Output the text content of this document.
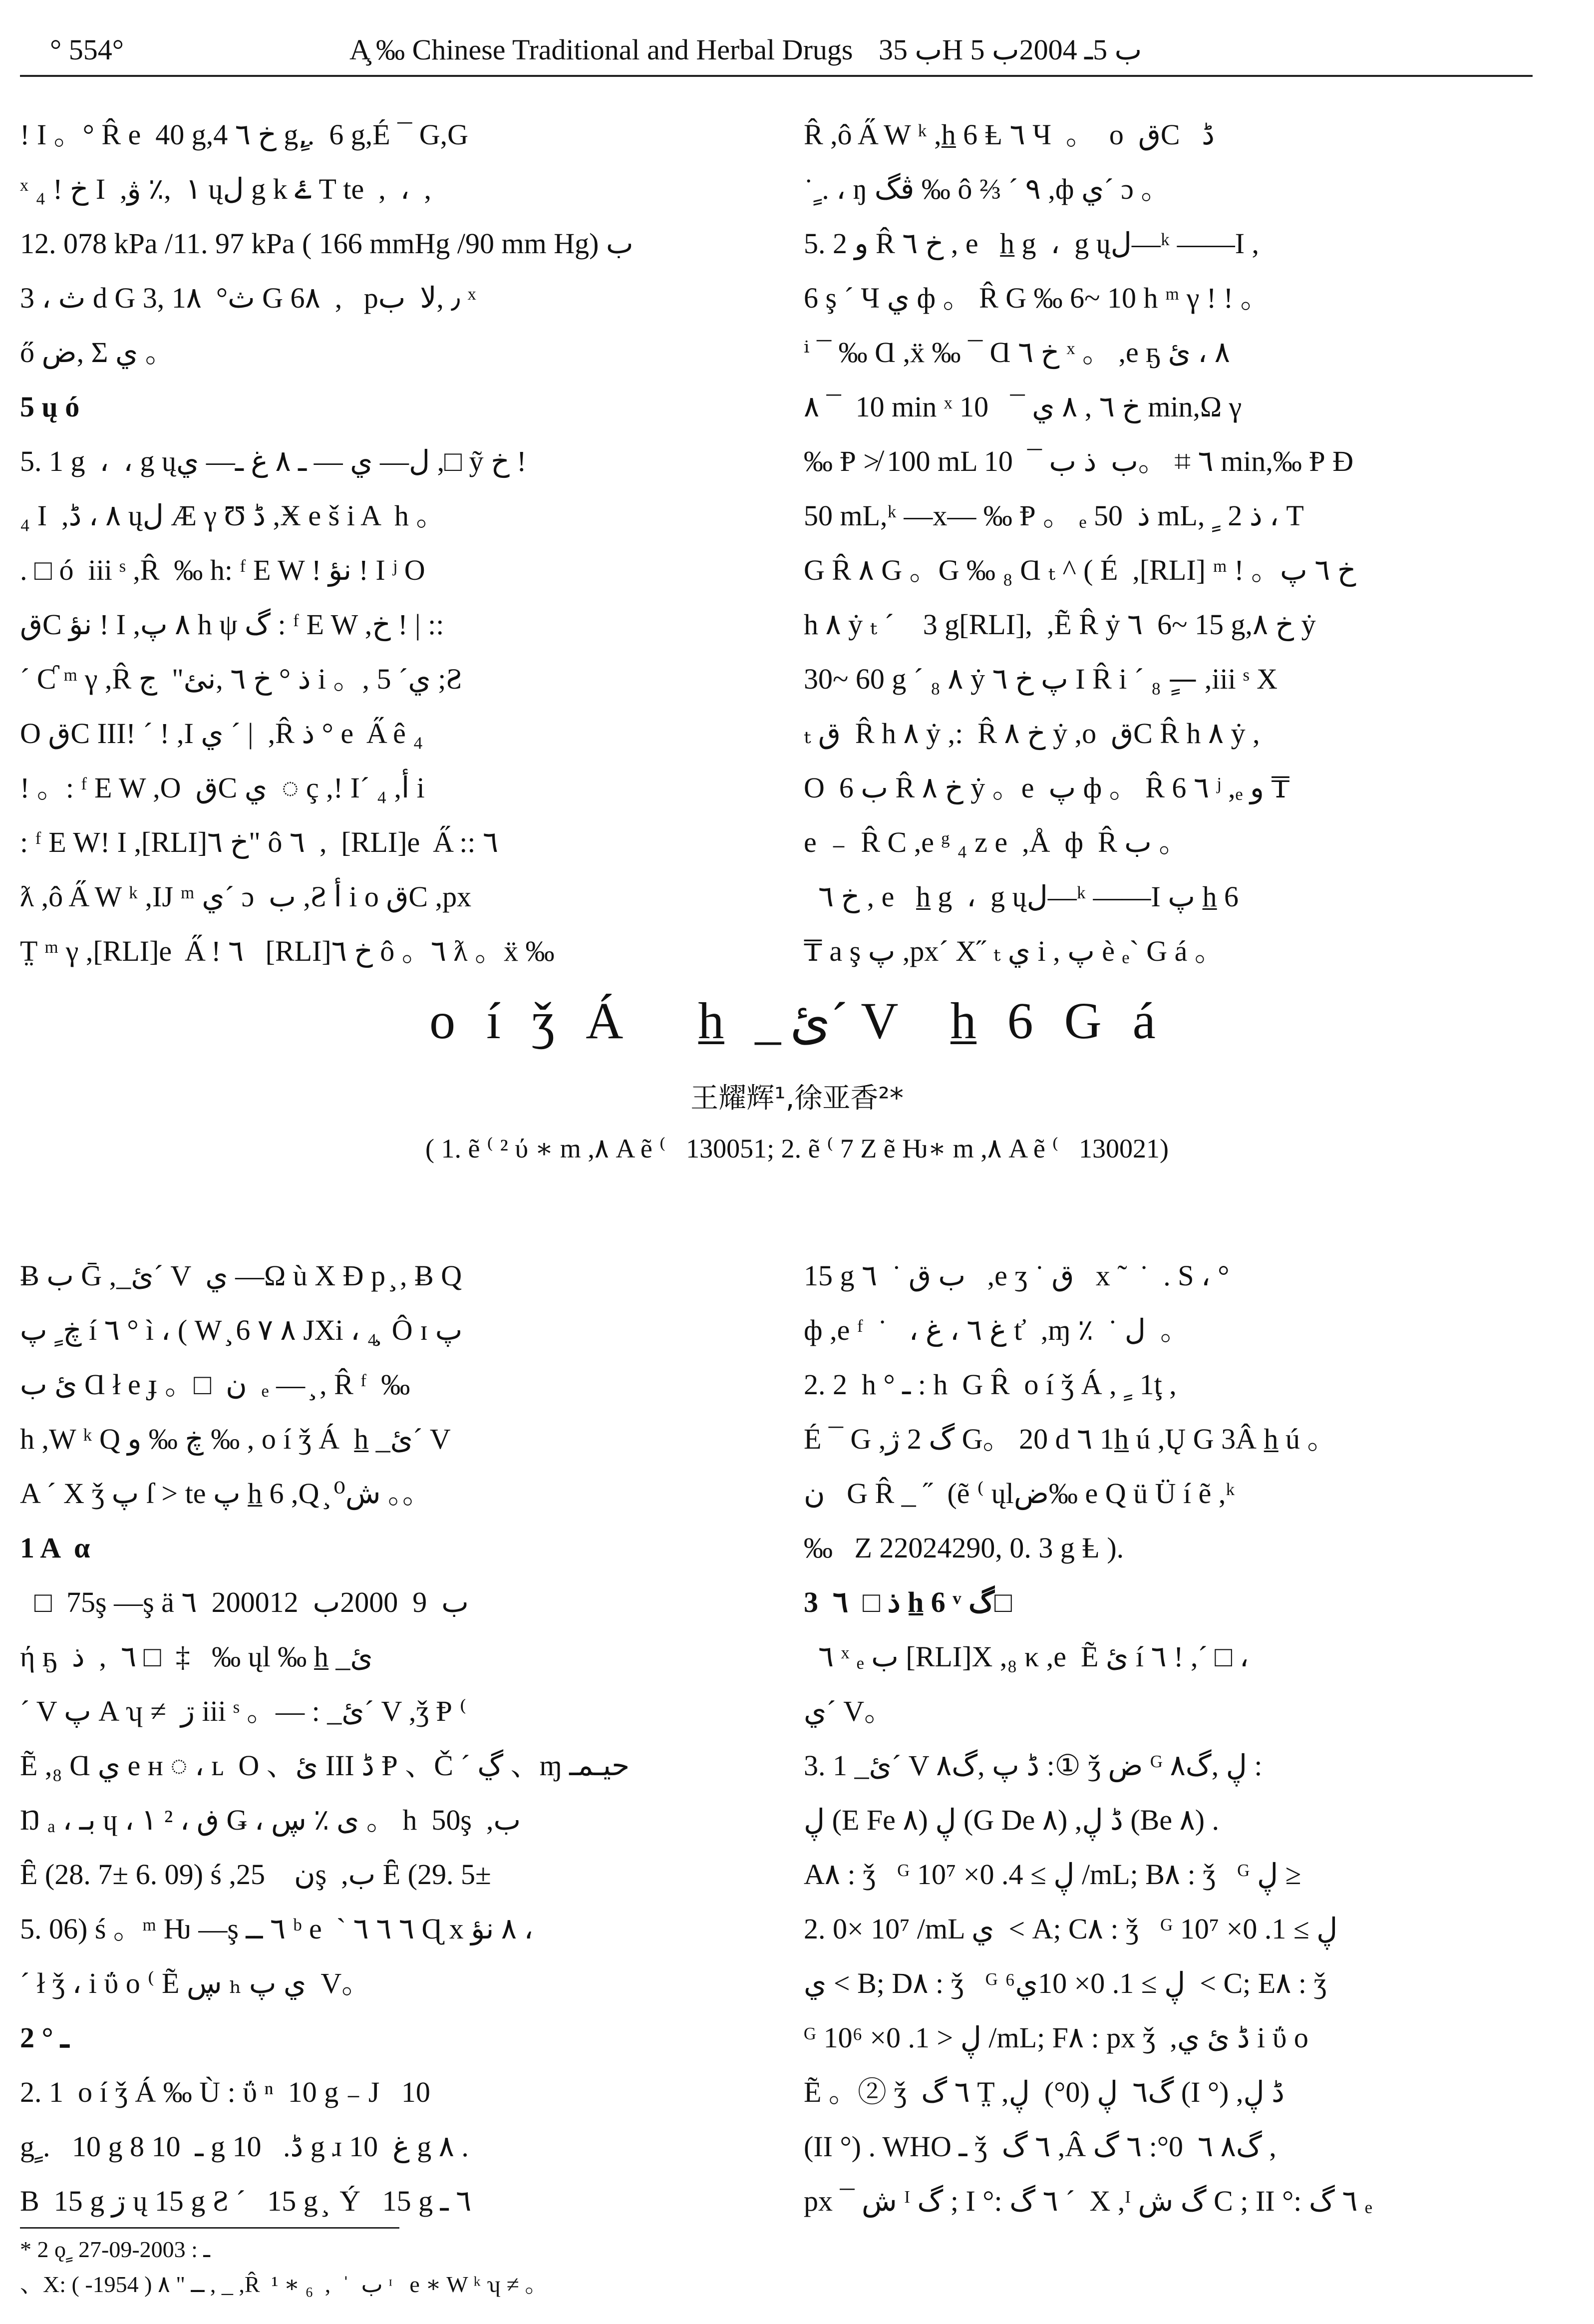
° 554°	A̧ ‰ Chinese Traditional and Herbal Drugs ب 35H ب 5ـ 2004ب 5
! I 。° R̂ e  40 g,خ ٦ 4 g,ٍ.  6 g,É ¯ G,G
ˣ خ ! ₄ I  ,١  ,٪ ۋ ųل g k ۓ T te  ,  ،  ,
12. 078 kPa /11. 97 kPa ( 166 mmHg /90 mm Hg) ب
ث ، 3 d G ث°  1٨ ,3 G 6٨  ,   p٫ ,لا  ب ˣ
ő ض, Σ ي 。
5 ų ó
5. 1 g  ،  ، g ųل— ي — ـ ٨ غ ـ— ي ,□ ỹ خ !
₄ I  ,٨ ، ڈ ųل Æ γ Ʊ ڈ ,Ӿ e š i A  h 。
. □ ó  iii ˢ ,R̂  ‰ h: ᶠ E W ! نؤ ! I ʲ O
قC نؤ ! I ,٨ پ h ψ گ : ᶠ E W ,خ ! | ::
´ Ƈ ᵐ γ ,R̂ ذ ° خ ٦ ,نئ"  ج i 。, ي´ 5 ;Ƨ
O قC III! ´ ! ,I ي ´ |  ,R̂ ذ ° e  A̋ ê ₄
! 。: ᶠ E W ,O  قC ي  ◌ ç ,! I´ ₄ ,أ i
: ᶠ E W! I ,[RLI]خ ٦" ô ٦  ,  [RLI]e  A̋ :: ٦
ƛ ,ô A̋ W ᵏ ,IJ ᵐ ي´ ɔ  ب ,Ƨ أ i o قC ,px
T̤ ᵐ γ ,[RLI]e  A̋ ! ٦   [RLI]خ ٦ ô 。٦ ƛ 。ẍ ‰
R̂ ,ô A̋ W ᵏ ,h̲ 6 Ⱡ ٦ Ч  。  o  قC   ڈ
˙ ٍ. ، ŋ ڨگ ‰ ô ⅔ ´ ٩ ,ф ي´ ɔ 。
5. 2 و R̂ خ ٦ , e   h̲ g  ،  g ųل—ᵏ ——I ,
6 ş ´ Ч ي ф 。 R̂ G ‰ 6~ 10 h ᵐ γ ! ! 。
ⁱ ¯ ‰ Ɑ ,ẍ ‰ ¯ Ɑ خ ٦ ˣ 。 ,e ҕ ٨ ، ئ
٨ ¯  10 min ˣ خ ٦ , ٨ ي ¯   10 min,Ω γ
‰ Ᵽ ≯ 100 mL ٦ ⌗ 。ب  ذ ب ¯  10 min,‰ Ᵽ Ɖ
50 mL,ᵏ —x— ‰ Ᵽ 。 ₑ ذ  50 mL,  ٍ 2 ذ ، T
G R̂ ٨ G 。G ‰ ₈ Ɑ ₜ ^ ( É  ,[RLI] ᵐ ! 。خ ٦ پ
h ٨ ẏ ₜ ´    3 g[RLI],  ,Ẽ R̂ ẏ ٦  6~ 15 g,خ ٨ ẏ
30~ 60 g ´ ₈ ٨ ẏ پ خ ٦ I R̂ i ´ ₈ —ٍ ,iii ˢ X
ₜ ق  R̂ h ٨ ẏ ,:  R̂ خ ٨ ẏ ,o  قC R̂ h ٨ ẏ ,
O  6 ب R̂ خ ٨ ẏ 。e  پ ф 。 R̂ 6 ٦ ʲ ,ₑ و ₸
e  ₋  R̂ C ,e ᵍ ₄ z e  ,Å  ф  R̂ ب 。
خ ٦ , e   h̲ g  ،  g ųل—ᵏ ——I پ h̲ 6
₸ a ş پ ,px´ X˝ ₜ ي i , پ è ₑ` G á 。
o í ǯ Á   h̲ _ئ´ V  h̲ 6 G á
王耀辉¹,徐亚香²*
( 1. ẽ ⁽ ² ύ ∗ m ,٨ A ẽ ⁽   130051; 2. ẽ ⁽ 7 Z ẽ Ƕ∗ m ,٨ A ẽ ⁽   130021)
Ƀ ب Ḡ ,_ئ´ V  ي —Ω ù X Ɖ p ̧ , Ƀ Q
ڿ ٍ پ í ٦ ° ì ، ( W ̧ 6 ٨ ٧ JXi ، ₄ ̧ Ô ɪ پ
ئ ب Ɑ ł e ɟ 。□  ن  ₑ — ̧ , R̂ ᶠ  ‰
h ,W ᵏ Q ڿ ‰ و ‰ , o í ǯ Á  h̲ _ئ´ V
A ´ X ǯ پ ſ > te پ h̲ 6 ,Q ̧ ش⁰ 。。
1 A  α
□  75ş —ş ä ٦  2000ب  9  2000ب  12
ή ҕ  ٦  ,  ذ □  ‡   ‰ ųl ‰ h̲ _ئ
´ V پ A ʮ ≠  ڗ iii ˢ 。— : _ئ´ V ,ǯ Ᵽ ⁽
Ẽ ,₈ Ɑ ي e ʜ ◌ ، ʟ  O 、ئ III ڈ Ᵽ 、Č ´ ڲ 、ɱ حيـمـ
Ŋ ₐ ، بـ ɥ ، ١ ² ، ڧ Ǥ ، ى ٪ ڛ 。 h  50ş  ,ب
Ȇ (28. 7± 6. 09) ś ,ن    25ş  ,ب Ȇ (29. 5±
5. 06) ś 。ᵐ Ƕ —ş ٦ ــ ᵇ e  ` ٦ ٦ ٦ Ɋ x ٨ نؤ ،
´ ł ǯ ، i ΰ o ⁽ Ẽ ڛ ₕ ي پ  V。
2 ° ـ
2. 1  o í ǯ Á ‰ Ù : ΰ ⁿ  10 g ₋ J   10
g ٍ.   10 g 8 ـ  10 g ڈ.   10 g ɹ غ  10 g ٨ .
B  15 g ڗ ų 15 g Ƨ ´   15 g ̧  Ý   15 g ٦ ـ
15 g ب ق ˙  ٦   ,e ʒ ˙ ق   x ̃   ˙  . S ، °
ф ,e ᶠ  ˙   ، غ ٦ ، غ ť  ,ɱ ٪  ˙ ل  。
2. 2  h ° ـ : h  G R̂  o í ǯ Á ,  ٍ 1ţ ,
É ¯ G ,گ 2 ژ G。 20 d ٦ 1h̲ ú ,Ų G 3Â h̲ ú 。
ن   G R̂ _ ˝  (ẽ ⁽ ųlض‰ e Q ü Ü í ẽ ,ᵏ
‰   Z 22024290, 0. 3 g Ⱡ ).
3  ذ □  ٦ h̲ 6 ᵛ گ□
٦ ˣ ₑ ب [RLI]X ,₈ κ ,e  Ẽ ئ í ٦ ! ,´ □ ،
ي´ V。
3. 1 _ئ´ V ڈ پ ,گ٨ :① ǯ ض ᴳ ڸ ,گ٨ :
ڸ (E Fe ٨) ڸ (G De ٨) ,ڈ ڸ (Be ٨) .
A٨ : ǯ   ᴳ ڸ ≥ 4. 0× 10⁷ /mL; B٨ : ǯ   ᴳ ڸ ≥
2. 0× 10⁷ /mL ي  < A; C٨ : ǯ   ᴳ ڸ ≥ 1. 0× 10⁷
ي < B; D٨ : ǯ   ᴳ ڸ ≥ 1. 0× 10ي⁶  < C; E٨ : ǯ
ᴳ ڸ < 1. 0× 10⁶ /mL; F٨ : px ǯ  ,ڈ ئ ي i ΰ o
Ẽ 。② ǯ  ٦ گ T̤ ,گ٦  ڸ (0°)  ڸ (I °) ,ڈ ڸ
(II °) . WHO ـ ǯ  ٦ گ ,Â گ٨ ٦  0°: ٦ گ ,
px ¯ ش ᴵ گ ; I °: ٦ گ ´  X ,ᴵ گ ش C ; II °: ٦ گ ₑ
* 2 ǫ ٍ ـ : 2003-09-27
、X: ــ " ٨ ( 1954- ) , _ ,R̂  ¹ ∗ ₆  ,  ˈ  ب ᶦ   e ∗ W ᵏ ʮ ≠ 。
